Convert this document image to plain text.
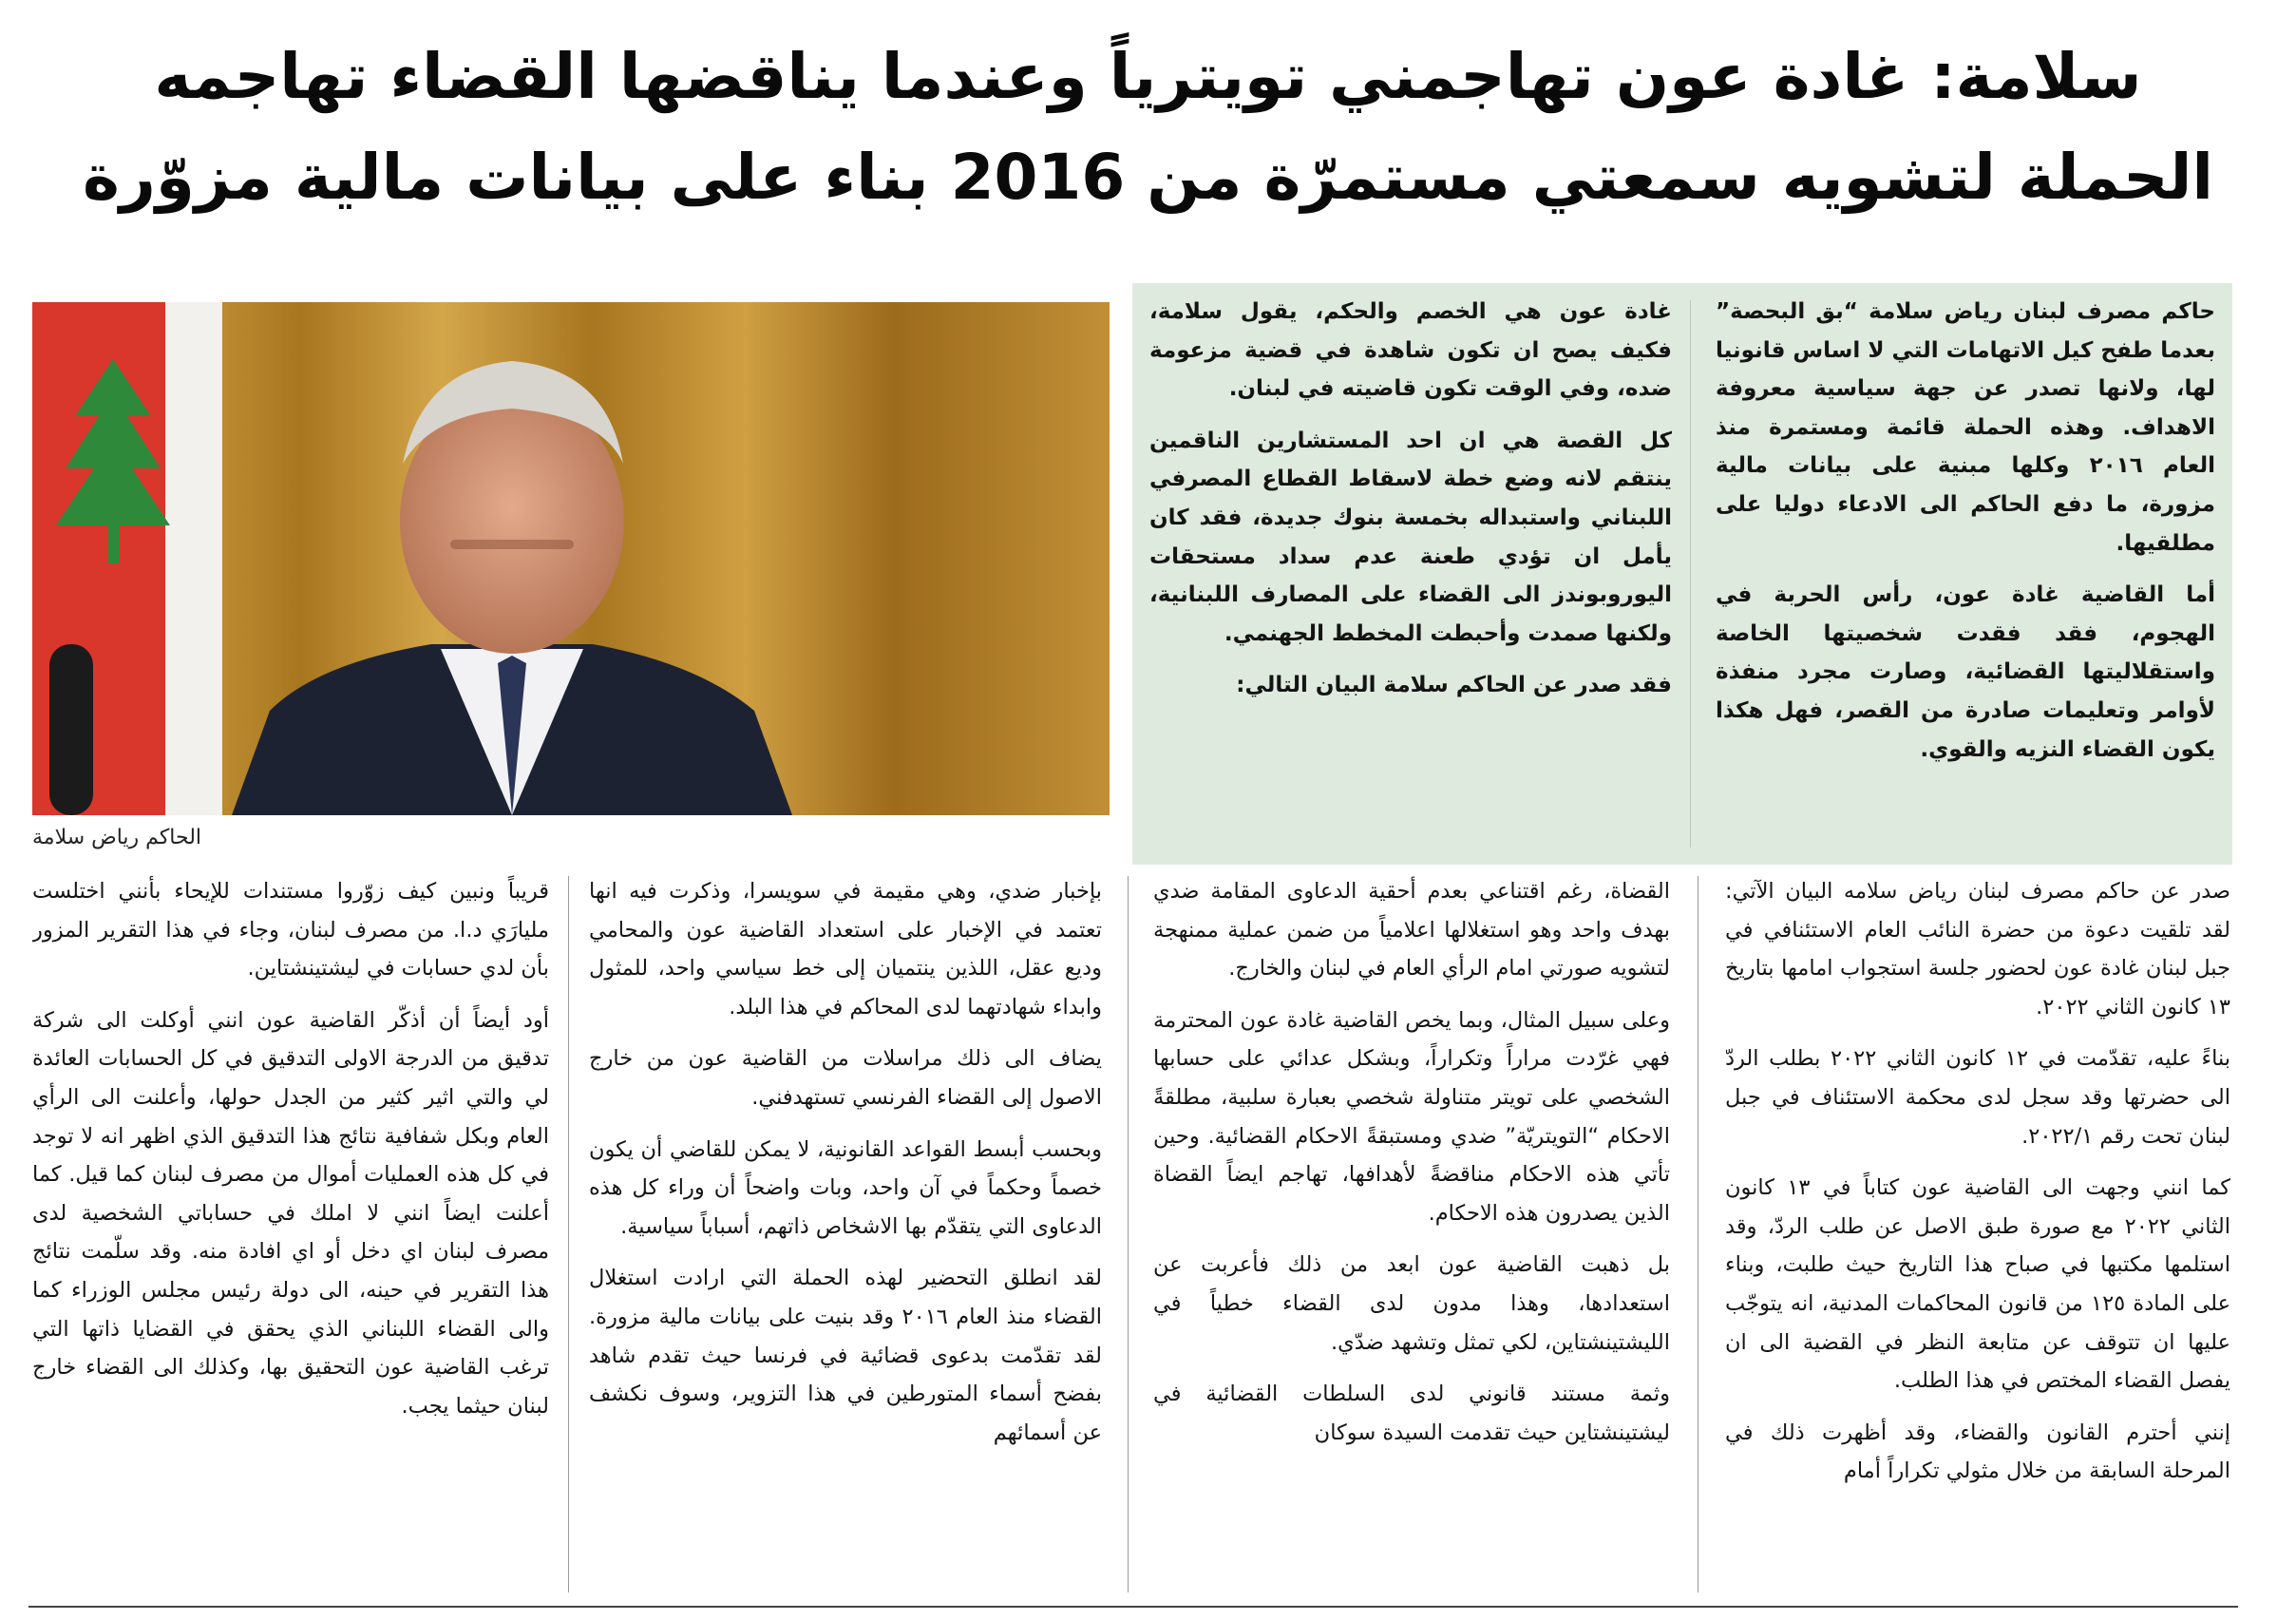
سلامة: غادة عون تهاجمني تويترياً وعندما يناقضها القضاء تهاجمه
الحملة لتشويه سمعتي مستمرّة من 2016 بناء على بيانات مالية مزوّرة

حاكم مصرف لبنان رياض سلامة “بق البحصة” بعدما طفح كيل الاتهامات التي لا اساس قانونيا لها، ولانها تصدر عن جهة سياسية معروفة الاهداف. وهذه الحملة قائمة ومستمرة منذ العام ٢٠١٦ وكلها مبنية على بيانات مالية مزورة، ما دفع الحاكم الى الادعاء دوليا على مطلقيها.

أما القاضية غادة عون، رأس الحربة في الهجوم، فقد فقدت شخصيتها الخاصة واستقلاليتها القضائية، وصارت مجرد منفذة لأوامر وتعليمات صادرة من القصر، فهل هكذا يكون القضاء النزيه والقوي.

غادة عون هي الخصم والحكم، يقول سلامة، فكيف يصح ان تكون شاهدة في قضية مزعومة ضده، وفي الوقت تكون قاضيته في لبنان.

كل القصة هي ان احد المستشارين الناقمين ينتقم لانه وضع خطة لاسقاط القطاع المصرفي اللبناني واستبداله بخمسة بنوك جديدة، فقد كان يأمل ان تؤدي طعنة عدم سداد مستحقات اليوروبوندز الى القضاء على المصارف اللبنانية، ولكنها صمدت وأحبطت المخطط الجهنمي.

فقد صدر عن الحاكم سلامة البيان التالي:

الحاكم رياض سلامة

صدر عن حاكم مصرف لبنان رياض سلامه البيان الآتي: لقد تلقيت دعوة من حضرة النائب العام الاستئنافي في جبل لبنان غادة عون لحضور جلسة استجواب امامها بتاريخ ١٣ كانون الثاني ٢٠٢٢.

بناءً عليه، تقدّمت في ١٢ كانون الثاني ٢٠٢٢ بطلب الردّ الى حضرتها وقد سجل لدى محكمة الاستئناف في جبل لبنان تحت رقم ٢٠٢٢/١.

كما انني وجهت الى القاضية عون كتاباً في ١٣ كانون الثاني ٢٠٢٢ مع صورة طبق الاصل عن طلب الردّ، وقد استلمها مكتبها في صباح هذا التاريخ حيث طلبت، وبناء على المادة ١٢٥ من قانون المحاكمات المدنية، انه يتوجّب عليها ان تتوقف عن متابعة النظر في القضية الى ان يفصل القضاء المختص في هذا الطلب.

إنني أحترم القانون والقضاء، وقد أظهرت ذلك في المرحلة السابقة من خلال مثولي تكراراً أمام

القضاة، رغم اقتناعي بعدم أحقية الدعاوى المقامة ضدي بهدف واحد وهو استغلالها اعلامياً من ضمن عملية ممنهجة لتشويه صورتي امام الرأي العام في لبنان والخارج.

وعلى سبيل المثال، وبما يخص القاضية غادة عون المحترمة فهي غرّدت مراراً وتكراراً، وبشكل عدائي على حسابها الشخصي على تويتر متناولة شخصي بعبارة سلبية، مطلقةً الاحكام “التويتريّة” ضدي ومستبقةً الاحكام القضائية. وحين تأتي هذه الاحكام مناقضةً لأهدافها، تهاجم ايضاً القضاة الذين يصدرون هذه الاحكام.

بل ذهبت القاضية عون ابعد من ذلك فأعربت عن استعدادها، وهذا مدون لدى القضاء خطياً في الليشتينشتاين، لكي تمثل وتشهد ضدّي.

وثمة مستند قانوني لدى السلطات القضائية في ليشتينشتاين حيث تقدمت السيدة سوكان

بإخبار ضدي، وهي مقيمة في سويسرا، وذكرت فيه انها تعتمد في الإخبار على استعداد القاضية عون والمحامي وديع عقل، اللذين ينتميان إلى خط سياسي واحد، للمثول وابداء شهادتهما لدى المحاكم في هذا البلد.

يضاف الى ذلك مراسلات من القاضية عون من خارج الاصول إلى القضاء الفرنسي تستهدفني.

وبحسب أبسط القواعد القانونية، لا يمكن للقاضي أن يكون خصماً وحكماً في آن واحد، وبات واضحاً أن وراء كل هذه الدعاوى التي يتقدّم بها الاشخاص ذاتهم، أسباباً سياسية.

لقد انطلق التحضير لهذه الحملة التي ارادت استغلال القضاء منذ العام ٢٠١٦ وقد بنيت على بيانات مالية مزورة. لقد تقدّمت بدعوى قضائية في فرنسا حيث تقدم شاهد بفضح أسماء المتورطين في هذا التزوير، وسوف نكشف عن أسمائهم

قريباً ونبين كيف زوّروا مستندات للإيحاء بأنني اختلست مليارَي د.ا. من مصرف لبنان، وجاء في هذا التقرير المزور بأن لدي حسابات في ليشتينشتاين.

أود أيضاً أن أذكّر القاضية عون انني أوكلت الى شركة تدقيق من الدرجة الاولى التدقيق في كل الحسابات العائدة لي والتي اثير كثير من الجدل حولها، وأعلنت الى الرأي العام وبكل شفافية نتائج هذا التدقيق الذي اظهر انه لا توجد في كل هذه العمليات أموال من مصرف لبنان كما قيل. كما أعلنت ايضاً انني لا املك في حساباتي الشخصية لدى مصرف لبنان اي دخل أو اي افادة منه. وقد سلّمت نتائج هذا التقرير في حينه، الى دولة رئيس مجلس الوزراء كما والى القضاء اللبناني الذي يحقق في القضايا ذاتها التي ترغب القاضية عون التحقيق بها، وكذلك الى القضاء خارج لبنان حيثما يجب.
